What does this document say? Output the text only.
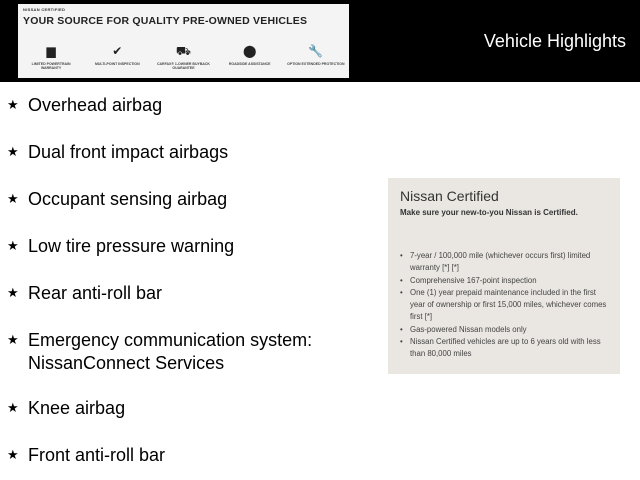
NISSAN CERTIFIED
YOUR SOURCE FOR QUALITY PRE-OWNED VEHICLES
▆
LIMITED POWERTRAIN WARRANTY
✔
MULTI-POINT INSPECTION
⛟
CARFAX® 1-OWNER BUYBACK GUARANTEE
⬤
ROADSIDE ASSISTANCE
🔧
OPTION EXTENDED PROTECTION
Vehicle Highlights
★ Overhead airbag
★ Dual front impact airbags
★ Occupant sensing airbag
★ Low tire pressure warning
★ Rear anti-roll bar
★ Emergency communication system: NissanConnect Services
★ Knee airbag
★ Front anti-roll bar
Nissan Certified
Make sure your new-to-you Nissan is Certified.
• 7-year / 100,000 mile (whichever occurs first) limited warranty [*] [*]
• Comprehensive 167-point inspection
• One (1) year prepaid maintenance included in the first year of ownership or first 15,000 miles, whichever comes first [*]
• Gas-powered Nissan models only
• Nissan Certified vehicles are up to 6 years old with less than 80,000 miles
